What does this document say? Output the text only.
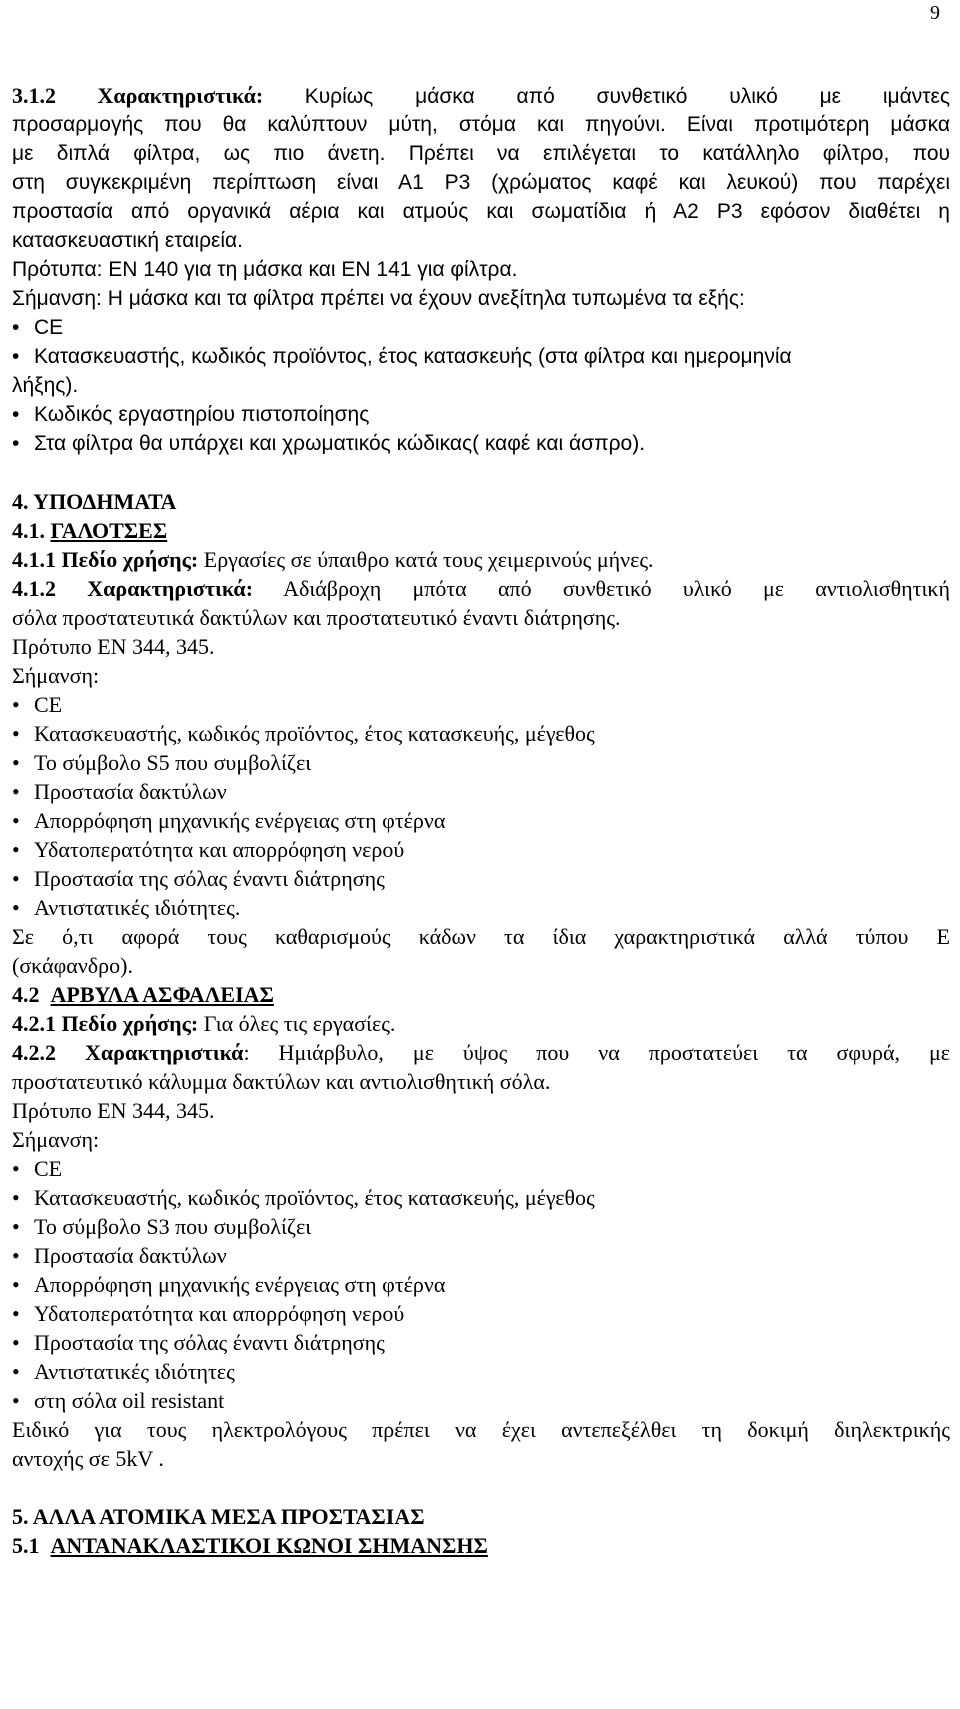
9
3.1.2 Χαρακτηριστικά: Κυρίως μάσκα από συνθετικό υλικό με ιμάντες
προσαρμογής που θα καλύπτουν μύτη, στόμα και πηγούνι. Είναι προτιμότερη μάσκα
με διπλά φίλτρα, ως πιο άνετη. Πρέπει να επιλέγεται το κατάλληλο φίλτρο, που
στη συγκεκριμένη περίπτωση είναι Α1 Ρ3 (χρώματος καφέ και λευκού) που παρέχει
προστασία από οργανικά αέρια και ατμούς και σωματίδια ή Α2 Ρ3 εφόσον διαθέτει η
κατασκευαστική εταιρεία.
Πρότυπα: EN 140 για τη μάσκα και EN 141 για φίλτρα.
Σήμανση: Η μάσκα και τα φίλτρα πρέπει να έχουν ανεξίτηλα τυπωμένα τα εξής:
• CE
• Κατασκευαστής, κωδικός προϊόντος, έτος κατασκευής (στα φίλτρα και ημερομηνία
λήξης).
• Κωδικός εργαστηρίου πιστοποίησης
• Στα φίλτρα θα υπάρχει και χρωματικός κώδικας( καφέ και άσπρο).
4. ΥΠΟΔΗΜΑΤΑ
4.1. ΓΑΛΟΤΣΕΣ
4.1.1 Πεδίο χρήσης: Εργασίες σε ύπαιθρο κατά τους χειμερινούς μήνες.
4.1.2 Χαρακτηριστικά: Αδιάβροχη μπότα από συνθετικό υλικό με αντιολισθητική
σόλα προστατευτικά δακτύλων και προστατευτικό έναντι διάτρησης.
Πρότυπο ΕΝ 344, 345.
Σήμανση:
• CE
• Κατασκευαστής, κωδικός προϊόντος, έτος κατασκευής, μέγεθος
• Το σύμβολο S5 που συμβολίζει
• Προστασία δακτύλων
• Απορρόφηση μηχανικής ενέργειας στη φτέρνα
• Υδατοπερατότητα και απορρόφηση νερού
• Προστασία της σόλας έναντι διάτρησης
• Αντιστατικές ιδιότητες.
Σε ό,τι αφορά τους καθαρισμούς κάδων τα ίδια χαρακτηριστικά αλλά τύπου Ε
(σκάφανδρο).
4.2 ΑΡΒΥΛΑ ΑΣΦΑΛΕΙΑΣ
4.2.1 Πεδίο χρήσης: Για όλες τις εργασίες.
4.2.2 Χαρακτηριστικά: Ημιάρβυλο, με ύψος που να προστατεύει τα σφυρά, με
προστατευτικό κάλυμμα δακτύλων και αντιολισθητική σόλα.
Πρότυπο ΕΝ 344, 345.
Σήμανση:
• CE
• Κατασκευαστής, κωδικός προϊόντος, έτος κατασκευής, μέγεθος
• Το σύμβολο S3 που συμβολίζει
• Προστασία δακτύλων
• Απορρόφηση μηχανικής ενέργειας στη φτέρνα
• Υδατοπερατότητα και απορρόφηση νερού
• Προστασία της σόλας έναντι διάτρησης
• Αντιστατικές ιδιότητες
• στη σόλα oil resistant
Ειδικό για τους ηλεκτρολόγους πρέπει να έχει αντεπεξέλθει τη δοκιμή διηλεκτρικής
αντοχής σε 5kV .
5. ΑΛΛΑ ΑΤΟΜΙΚΑ ΜΕΣΑ ΠΡΟΣΤΑΣΙΑΣ
5.1 ΑΝΤΑΝΑΚΛΑΣΤΙΚΟΙ ΚΩΝΟΙ ΣΗΜΑΝΣΗΣ
